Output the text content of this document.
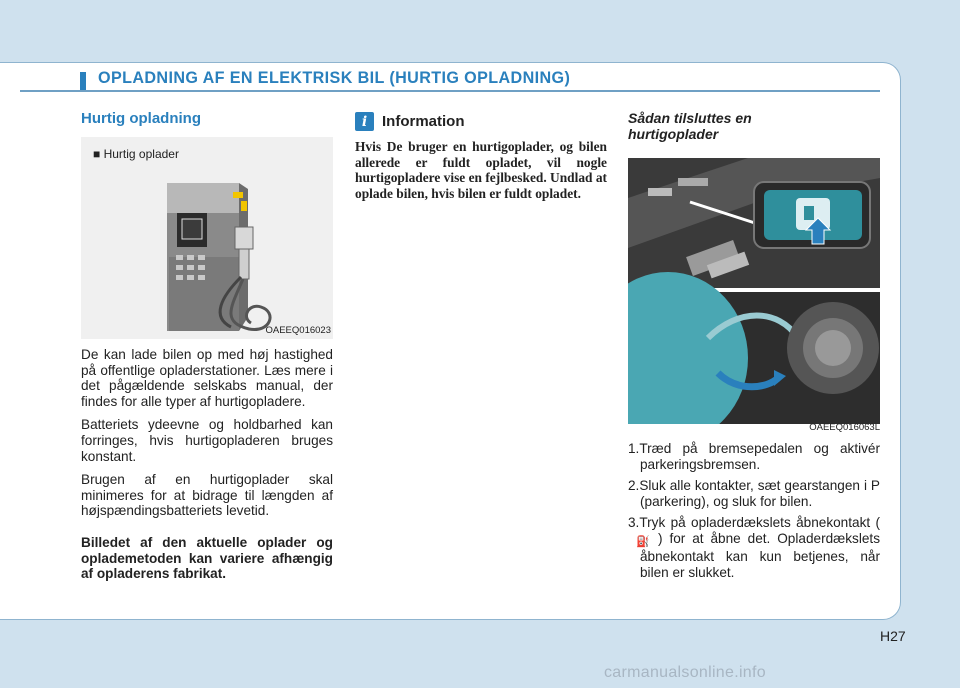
OPLADNING AF EN ELEKTRISK BIL (HURTIG OPLADNING)
Hurtig opladning
■ Hurtig oplader
OAEEQ016023

De kan lade bilen op med høj hastighed på offentlige opladerstationer. Læs mere i det pågældende selskabs manual, der findes for alle typer af hurtigopladere.

Batteriets ydeevne og holdbarhed kan forringes, hvis hurtigopladeren bruges konstant.

Brugen af en hurtigoplader skal minimeres for at bidrage til længden af højspændingsbatteriets levetid.

Billedet af den aktuelle oplader og oplademetoden kan variere afhængig af opladerens fabrikat.

i Information
Hvis De bruger en hurtigoplader, og bilen allerede er fuldt opladet, vil nogle hurtigopladere vise en fejlbesked. Undlad at oplade bilen, hvis bilen er fuldt opladet.
Sådan tilsluttes en hurtigoplader
OAEEQ016063L
1.Træd på bremsepedalen og aktivér parkeringsbremsen.
2.Sluk alle kontakter, sæt gearstangen i P (parkering), og sluk for bilen.
3.Tryk på opladerdækslets åbnekontakt (⛽ ) for at åbne det. Opladerdækslets åbnekontakt kan kun betjenes, når bilen er slukket.
H27
carmanualsonline.info
